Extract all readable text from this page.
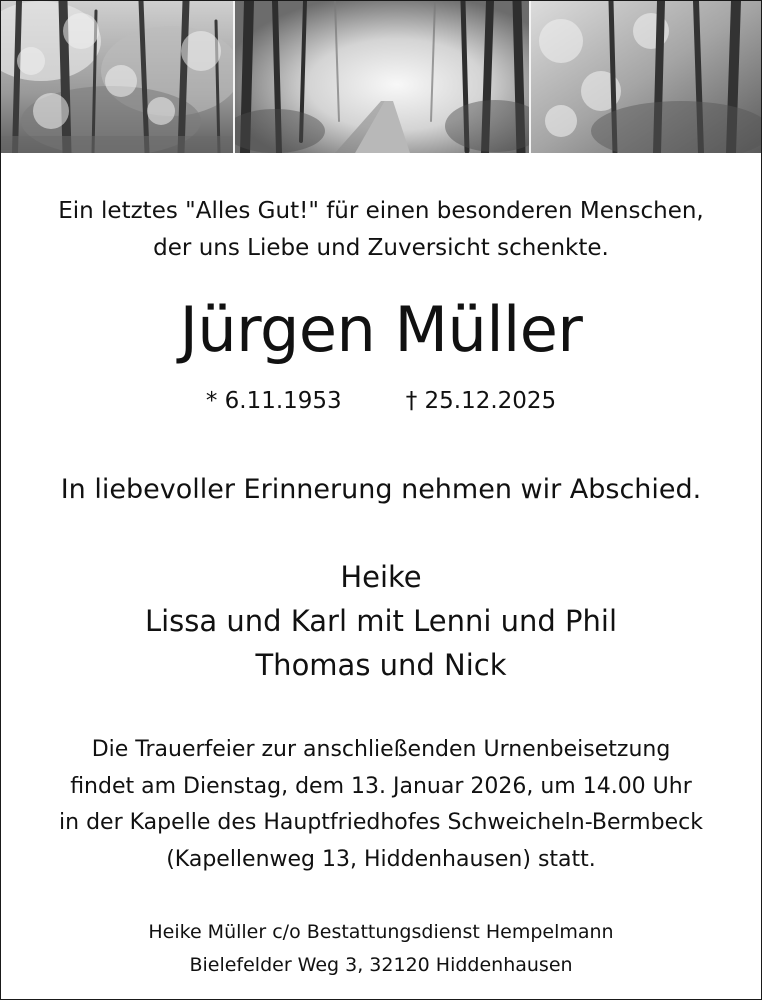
Ein letztes "Alles Gut!" für einen besonderen Menschen,
der uns Liebe und Zuversicht schenkte.
Jürgen Müller
* 6.11.1953	† 25.12.2025
In liebevoller Erinnerung nehmen wir Abschied.
Heike
Lissa und Karl mit Lenni und Phil
Thomas und Nick
Die Trauerfeier zur anschließenden Urnenbeisetzung
findet am Dienstag, dem 13. Januar 2026, um 14.00 Uhr
in der Kapelle des Hauptfriedhofes Schweicheln-Bermbeck
(Kapellenweg 13, Hiddenhausen) statt.
Heike Müller c/o Bestattungsdienst Hempelmann
Bielefelder Weg 3, 32120 Hiddenhausen
